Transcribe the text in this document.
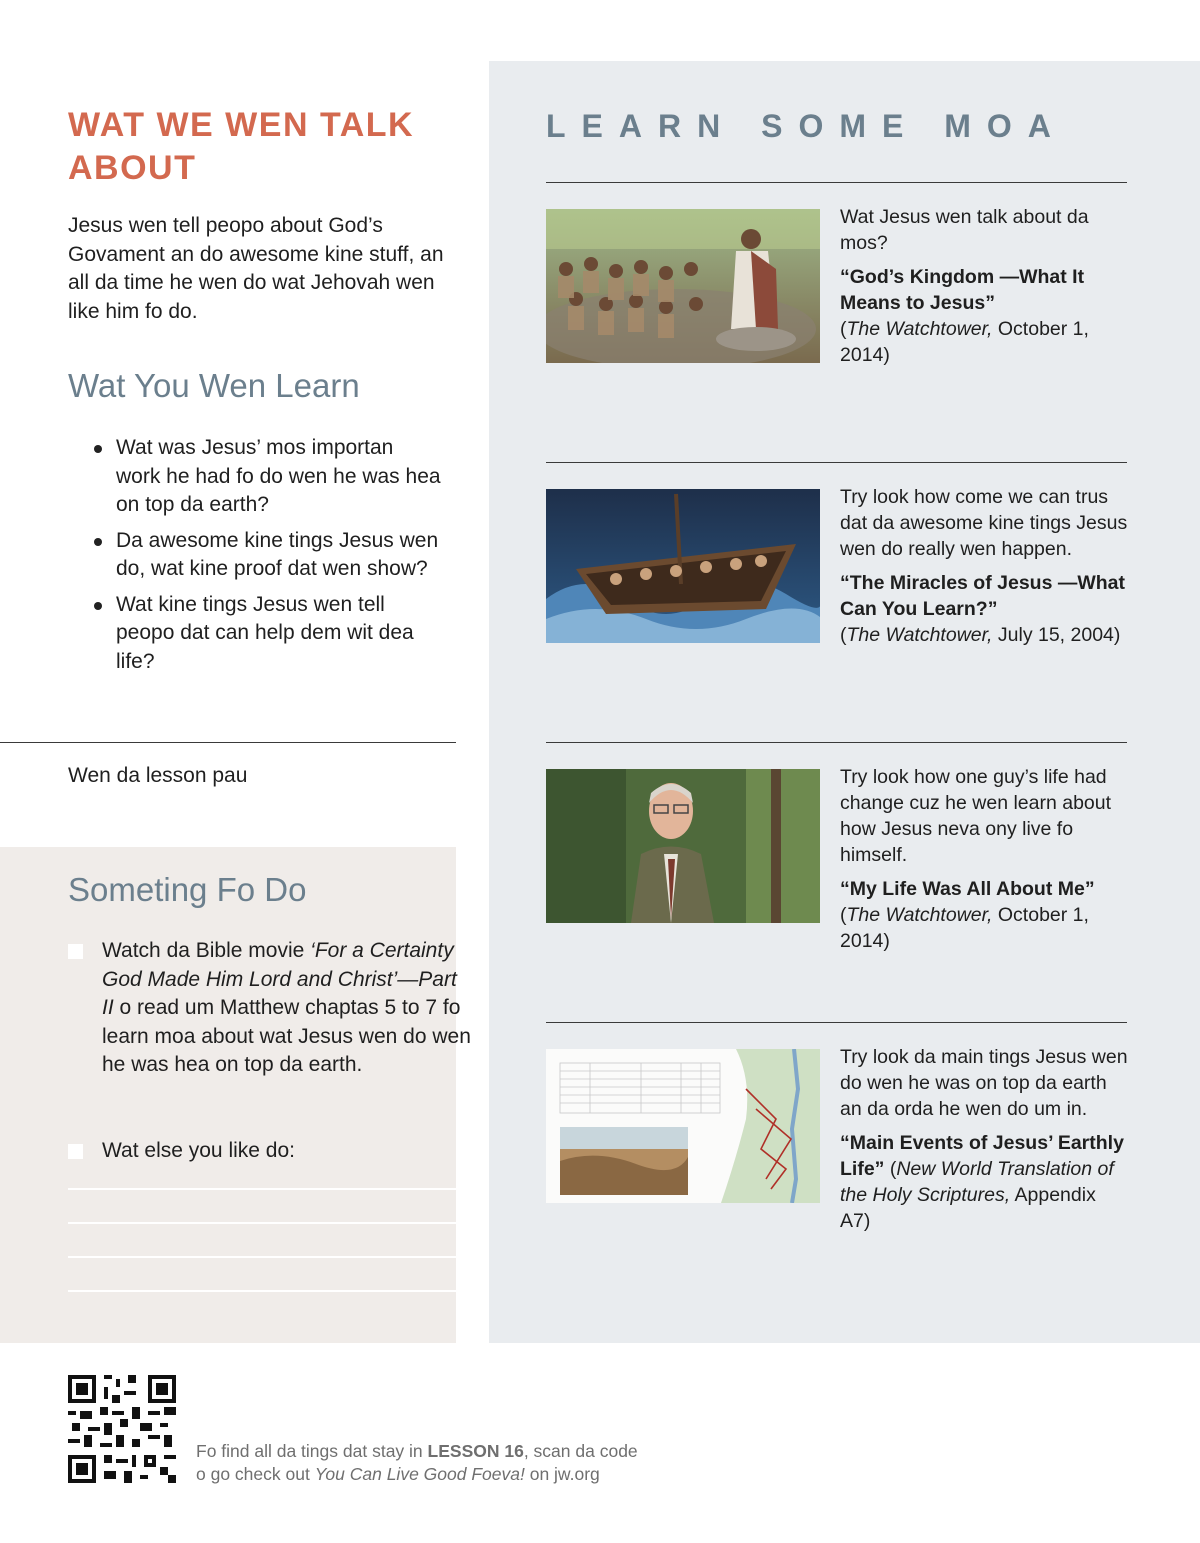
WAT WE WEN TALK ABOUT
Jesus wen tell peopo about God’s Govament an do awesome kine stuff, an all da time he wen do wat Jehovah wen like him fo do.
Wat You Wen Learn
Wat was Jesus’ mos importan work he had fo do wen he was hea on top da earth?
Da awesome kine tings Jesus wen do, wat kine proof dat wen show?
Wat kine tings Jesus wen tell peopo dat can help dem wit dea life?
Wen da lesson pau
Someting Fo Do
Watch da Bible movie ‘For a Certainty God Made Him Lord and Christ’—Part II o read um Matthew chaptas 5 to 7 fo learn moa about wat Jesus wen do wen he was hea on top da earth.
Wat else you like do:
LEARN SOME MOA
Wat Jesus wen talk about da mos?
“God’s Kingdom —What It Means to Jesus”
(The Watchtower, October 1, 2014)
Try look how come we can trus dat da awesome kine tings Jesus wen do really wen happen.
“The Miracles of Jesus —What Can You Learn?”
(The Watchtower, July 15, 2004)
Try look how one guy’s life had change cuz he wen learn about how Jesus neva ony live fo himself.
“My Life Was All About Me”
(The Watchtower, October 1, 2014)
Try look da main tings Jesus wen do wen he was on top da earth an da orda he wen do um in.
“Main Events of Jesus’ Earthly Life” (New World Translation of the Holy Scriptures, Appendix A7)
Fo find all da tings dat stay in LESSON 16, scan da code
o go check out You Can Live Good Foeva! on jw.org
